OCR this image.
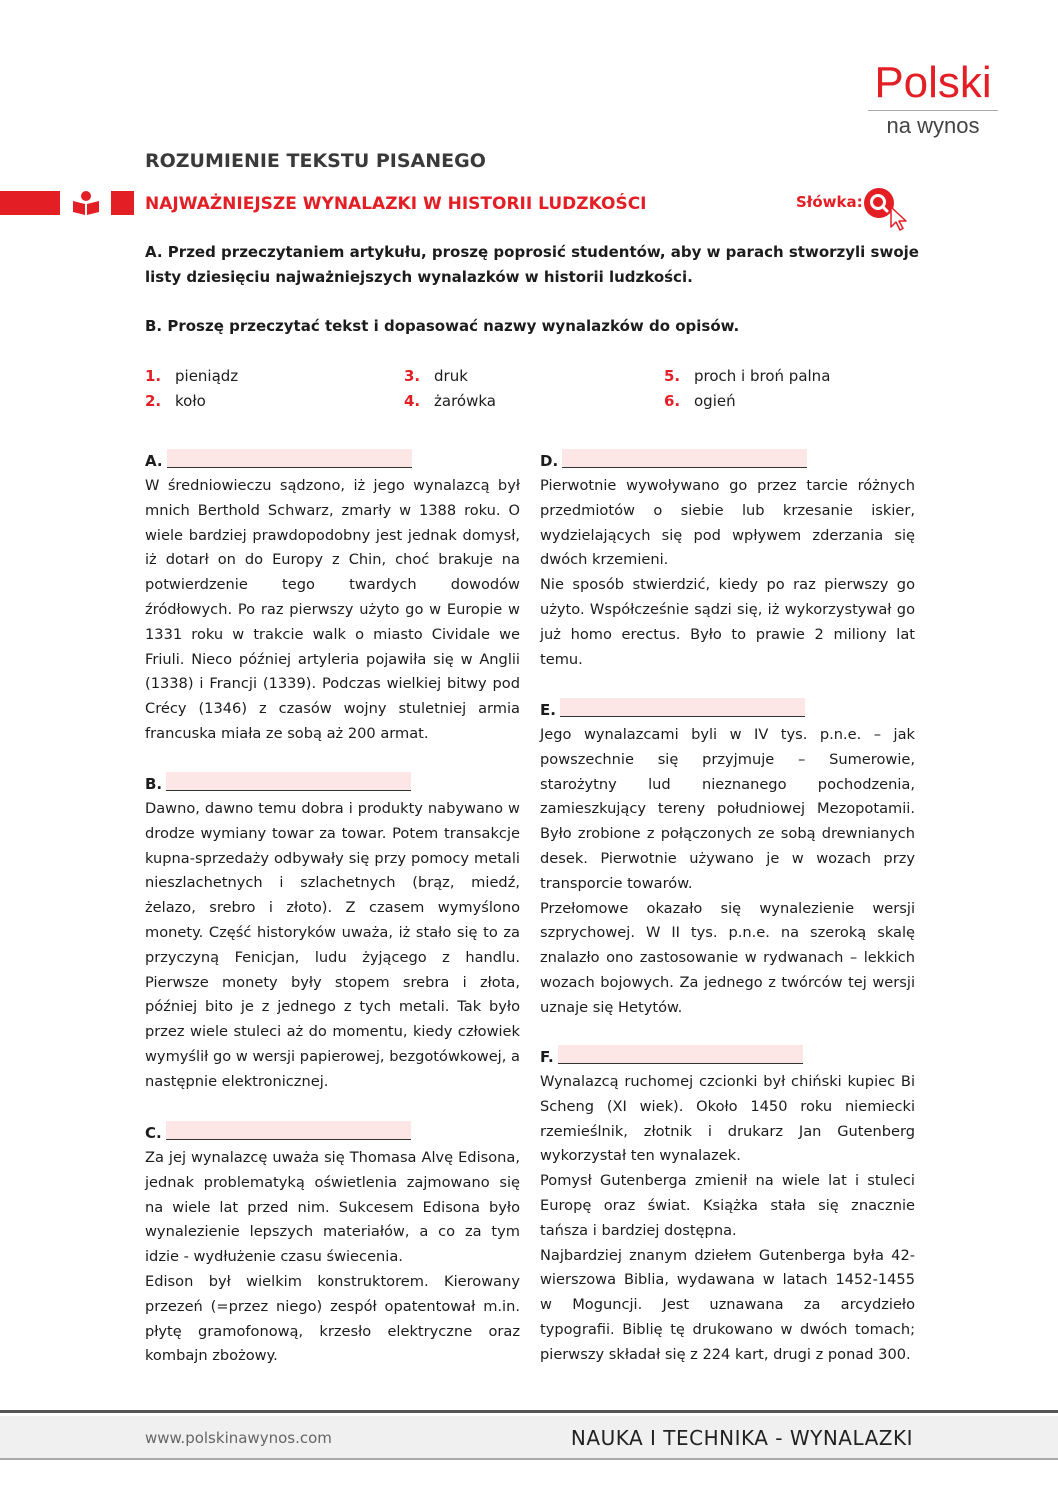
Polski
na wynos
ROZUMIENIE TEKSTU PISANEGO
NAJWAŻNIEJSZE WYNALAZKI W HISTORII LUDZKOŚCI	Słówka:
A. Przed przeczytaniem artykułu, proszę poprosić studentów, aby w parach stworzyli swoje listy dziesięciu najważniejszych wynalazków w historii ludzkości.
B. Proszę przeczytać tekst i dopasować nazwy wynalazków do opisów.
1. pieniądz
2. koło
3. druk
4. żarówka
5. proch i broń palna
6. ogień
A.

W średniowieczu sądzono, iż jego wynalazcą był mnich Berthold Schwarz, zmarły w 1388 roku. O wiele bardziej prawdopodobny jest jednak domysł, iż dotarł on do Europy z Chin, choć brakuje na potwierdzenie tego twardych dowodów źródłowych. Po raz pierwszy użyto go w Europie w 1331 roku w trakcie walk o miasto Cividale we Friuli. Nieco później artyleria pojawiła się w Anglii (1338) i Francji (1339). Podczas wielkiej bitwy pod Crécy (1346) z czasów wojny stuletniej armia francuska miała ze sobą aż 200 armat.

B.

Dawno, dawno temu dobra i produkty nabywano w drodze wymiany towar za towar. Potem transakcje kupna-sprzedaży odbywały się przy pomocy metali nieszlachetnych i szlachetnych (brąz, miedź, żelazo, srebro i złoto). Z czasem wymyślono monety. Część historyków uważa, iż stało się to za przyczyną Fenicjan, ludu żyjącego z handlu. Pierwsze monety były stopem srebra i złota, później bito je z jednego z tych metali. Tak było przez wiele stuleci aż do momentu, kiedy człowiek wymyślił go w wersji papierowej, bezgotówkowej, a następnie elektronicznej.

C.

Za jej wynalazcę uważa się Thomasa Alvę Edisona, jednak problematyką oświetlenia zajmowano się na wiele lat przed nim. Sukcesem Edisona było wynalezienie lepszych materiałów, a co za tym idzie - wydłużenie czasu świecenia.

Edison był wielkim konstruktorem. Kierowany przezeń (=przez niego) zespół opatentował m.in. płytę gramofonową, krzesło elektryczne oraz kombajn zbożowy.

D.

Pierwotnie wywoływano go przez tarcie różnych przedmiotów o siebie lub krzesanie iskier, wydzielających się pod wpływem zderzania się dwóch krzemieni.

Nie sposób stwierdzić, kiedy po raz pierwszy go użyto. Współcześnie sądzi się, iż wykorzystywał go już homo erectus. Było to prawie 2 miliony lat temu.

E.

Jego wynalazcami byli w IV tys. p.n.e. – jak powszechnie się przyjmuje – Sumerowie, starożytny lud nieznanego pochodzenia, zamieszkujący tereny południowej Mezopotamii. Było zrobione z połączonych ze sobą drewnianych desek. Pierwotnie używano je w wozach przy transporcie towarów.

Przełomowe okazało się wynalezienie wersji szprychowej. W II tys. p.n.e. na szeroką skalę znalazło ono zastosowanie w rydwanach – lekkich wozach bojowych. Za jednego z twórców tej wersji uznaje się Hetytów.

F.

Wynalazcą ruchomej czcionki był chiński kupiec Bi Scheng (XI wiek). Około 1450 roku niemiecki rzemieślnik, złotnik i drukarz Jan Gutenberg wykorzystał ten wynalazek.

Pomysł Gutenberga zmienił na wiele lat i stuleci Europę oraz świat. Książka stała się znacznie tańsza i bardziej dostępna.

Najbardziej znanym dziełem Gutenberga była 42-wierszowa Biblia, wydawana w latach 1452-1455 w Moguncji. Jest uznawana za arcydzieło typografii. Biblię tę drukowano w dwóch tomach; pierwszy składał się z 224 kart, drugi z ponad 300.

www.polskinawynos.com	NAUKA I TECHNIKA - WYNALAZKI
